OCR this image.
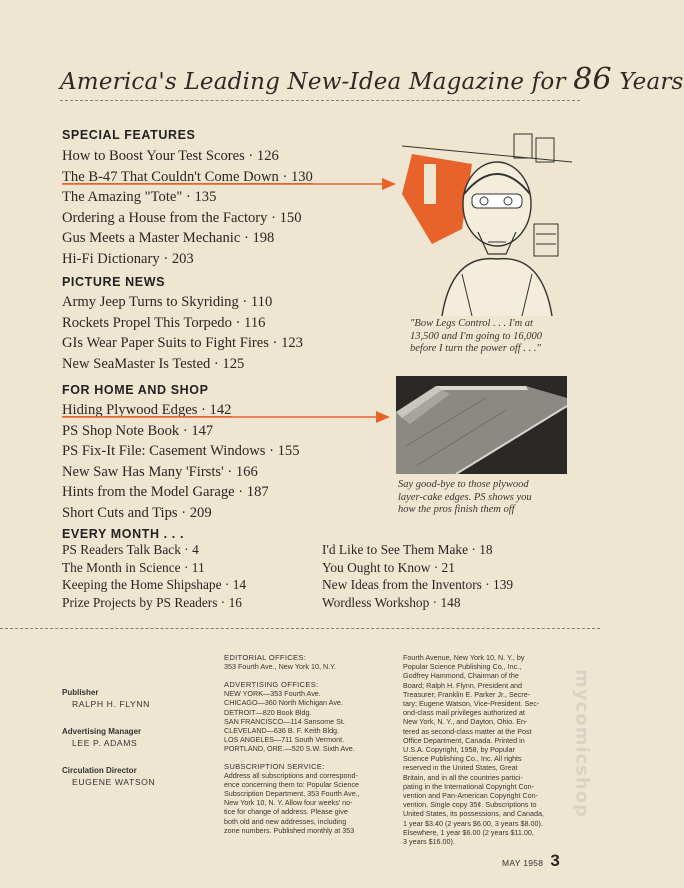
America's Leading New-Idea Magazine for 86 Years
SPECIAL FEATURES
How to Boost Your Test Scores · 126
The B-47 That Couldn't Come Down · 130
The Amazing "Tote" · 135
Ordering a House from the Factory · 150
Gus Meets a Master Mechanic · 198
Hi-Fi Dictionary · 203
"Bow Legs Control . . . I'm at
13,500 and I'm going to 16,000
before I turn the power off . . ."
PICTURE NEWS
Army Jeep Turns to Skyriding · 110
Rockets Propel This Torpedo · 116
GIs Wear Paper Suits to Fight Fires · 123
New SeaMaster Is Tested · 125
FOR HOME AND SHOP
Hiding Plywood Edges · 142
PS Shop Note Book · 147
PS Fix-It File: Casement Windows · 155
New Saw Has Many 'Firsts' · 166
Hints from the Model Garage · 187
Short Cuts and Tips · 209
Say good-bye to those plywood
layer-cake edges. PS shows you
how the pros finish them off
EVERY MONTH . . .
PS Readers Talk Back · 4
The Month in Science · 11
Keeping the Home Shipshape · 14
Prize Projects by PS Readers · 16
I'd Like to See Them Make · 18
You Ought to Know · 21
New Ideas from the Inventors · 139
Wordless Workshop · 148
Publisher
RALPH H. FLYNN
Advertising Manager
LEE P. ADAMS
Circulation Director
EUGENE WATSON
EDITORIAL OFFICES:
353 Fourth Ave., New York 10, N.Y.
ADVERTISING OFFICES:
NEW YORK—353 Fourth Ave.
CHICAGO—360 North Michigan Ave.
DETROIT—820 Book Bldg.
SAN FRANCISCO—114 Sansome St.
CLEVELAND—636 B. F. Keith Bldg.
LOS ANGELES—711 South Vermont.
PORTLAND, ORE.—520 S.W. Sixth Ave.
SUBSCRIPTION SERVICE:
Address all subscriptions and correspond-
ence concerning them to: Popular Science
Subscription Department, 353 Fourth Ave.,
New York 10, N. Y. Allow four weeks' no-
tice for change of address. Please give
both old and new addresses, including
zone numbers. Published monthly at 353
Fourth Avenue, New York 10, N. Y., by
Popular Science Publishing Co., Inc.,
Godfrey Hammond, Chairman of the
Board; Ralph H. Flynn, President and
Treasurer; Franklin E. Parker Jr., Secre-
tary; Eugene Watson, Vice-President. Sec-
ond-class mail privileges authorized at
New York, N. Y., and Dayton, Ohio. En-
tered as second-class matter at the Post
Office Department, Canada. Printed in
U.S.A. Copyright, 1958, by Popular
Science Publishing Co., Inc. All rights
reserved in the United States, Great
Britain, and in all the countries partici-
pating in the International Copyright Con-
vention and Pan-American Copyright Con-
vention. Single copy 35¢. Subscriptions to
United States, its possessions, and Canada,
1 year $3.40 (2 years $6.00, 3 years $8.00).
Elsewhere, 1 year $6.00 (2 years $11.00,
3 years $16.00).
MAY 1958 3
mycomicshop
